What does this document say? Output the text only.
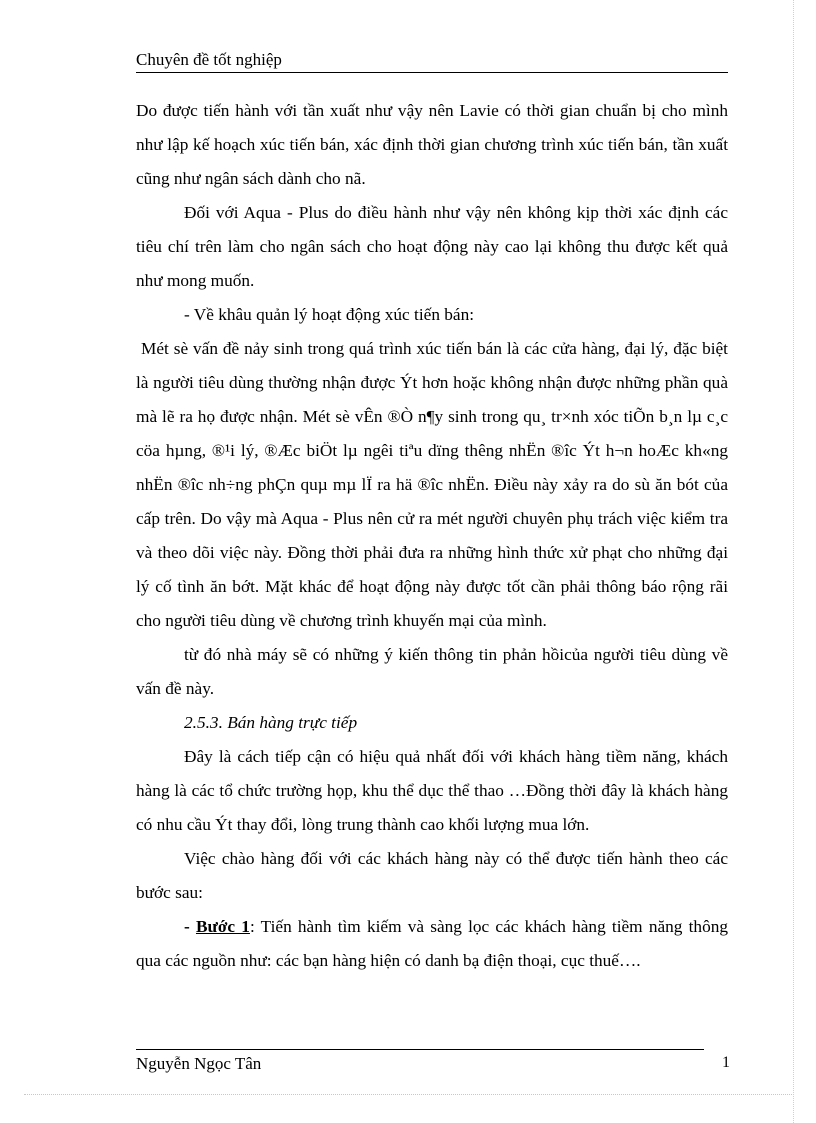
Chuyên đề tốt nghiệp

Do được tiến hành với tần xuất như vậy nên Lavie có thời gian chuẩn bị cho mình như lập kế hoạch xúc tiến bán, xác định thời gian chương trình xúc tiến bán, tần xuất cũng như ngân sách dành cho nã.

Đối với Aqua - Plus do điều hành như vậy nên không kịp thời xác định các tiêu chí trên làm cho ngân sách cho hoạt động này cao lại không thu được kết quả như mong muốn.

- Về khâu quản lý hoạt động xúc tiến bán:

Mét sè vấn đề nảy sinh trong quá trình xúc tiến bán là các cửa hàng, đại lý, đặc biệt là người tiêu dùng thường nhận được Ýt hơn hoặc không nhận được những phần quà mà lẽ ra họ được nhận. Mét sè vÊn ®Ò n¶y sinh trong qu¸ tr×nh xóc tiÕn b¸n lµ c¸c cöa hµng, ®¹i lý, ®Æc biÖt lµ ngêi tiªu dïng thêng nhËn ®îc Ýt h¬n hoÆc kh«ng nhËn ®îc nh÷ng phÇn quµ mµ lÏ ra hä ®îc nhËn. Điều này xảy ra do sù ăn bót của cấp trên. Do vậy mà Aqua - Plus nên cử ra mét người chuyên phụ trách việc kiểm tra và theo dõi việc này. Đồng thời phải đưa ra những hình thức xử phạt cho những đại lý cố tình ăn bớt. Mặt khác để hoạt động này được tốt cần phải thông báo rộng rãi cho người tiêu dùng về chương trình khuyến mại của mình.

từ đó nhà máy sẽ có những ý kiến thông tin phản hồicủa người tiêu dùng về vấn đề này.

2.5.3. Bán hàng trực tiếp

Đây là cách tiếp cận có hiệu quả nhất đối với khách hàng tiềm năng, khách hàng là các tổ chức trường họp, khu thể dục thể thao …Đồng thời đây là khách hàng có nhu cầu Ýt thay đổi, lòng trung thành cao khối lượng mua lớn.

Việc chào hàng đối với các khách hàng này có thể được tiến hành theo các bước sau:

- Bước 1: Tiến hành tìm kiếm và sàng lọc các khách hàng tiềm năng thông qua các nguồn như: các bạn hàng hiện có danh bạ điện thoại, cục thuế….

Nguyễn Ngọc Tân	1
